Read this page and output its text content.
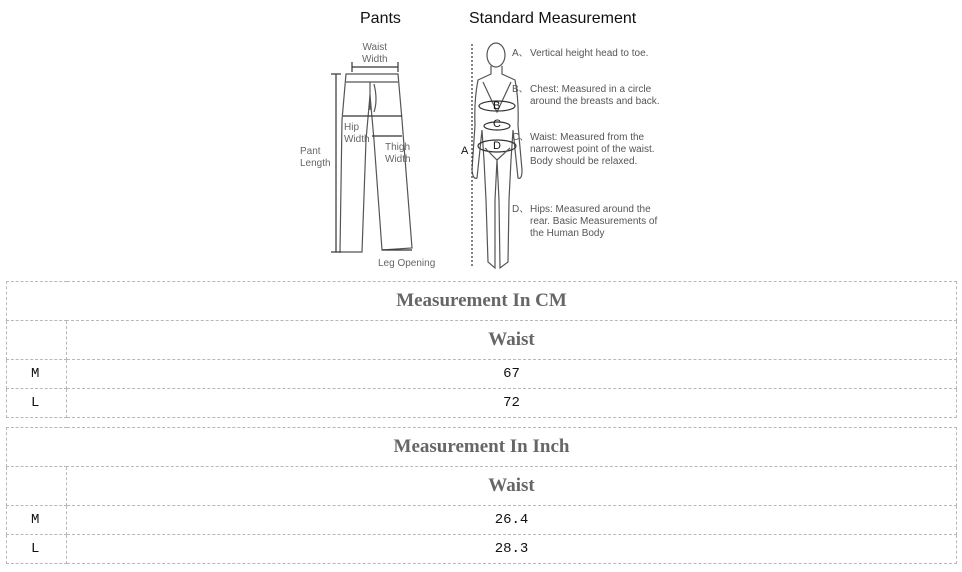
Pants	Standard Measurement
Waist
Width
Hip
Width
Pant
Length
Thigh
Width
Leg Opening
A
B
C
D
A、 Vertical height head to toe.
B、 Chest: Measured in a circle around the breasts and back.
C、 Waist: Measured from the narrowest point of the waist. Body should be relaxed.
D、 Hips: Measured around the rear. Basic Measurements of the Human Body
Measurement In CM	
	Waist
M	67
L	72
Measurement In Inch	
	Waist
M	26.4
L	28.3
